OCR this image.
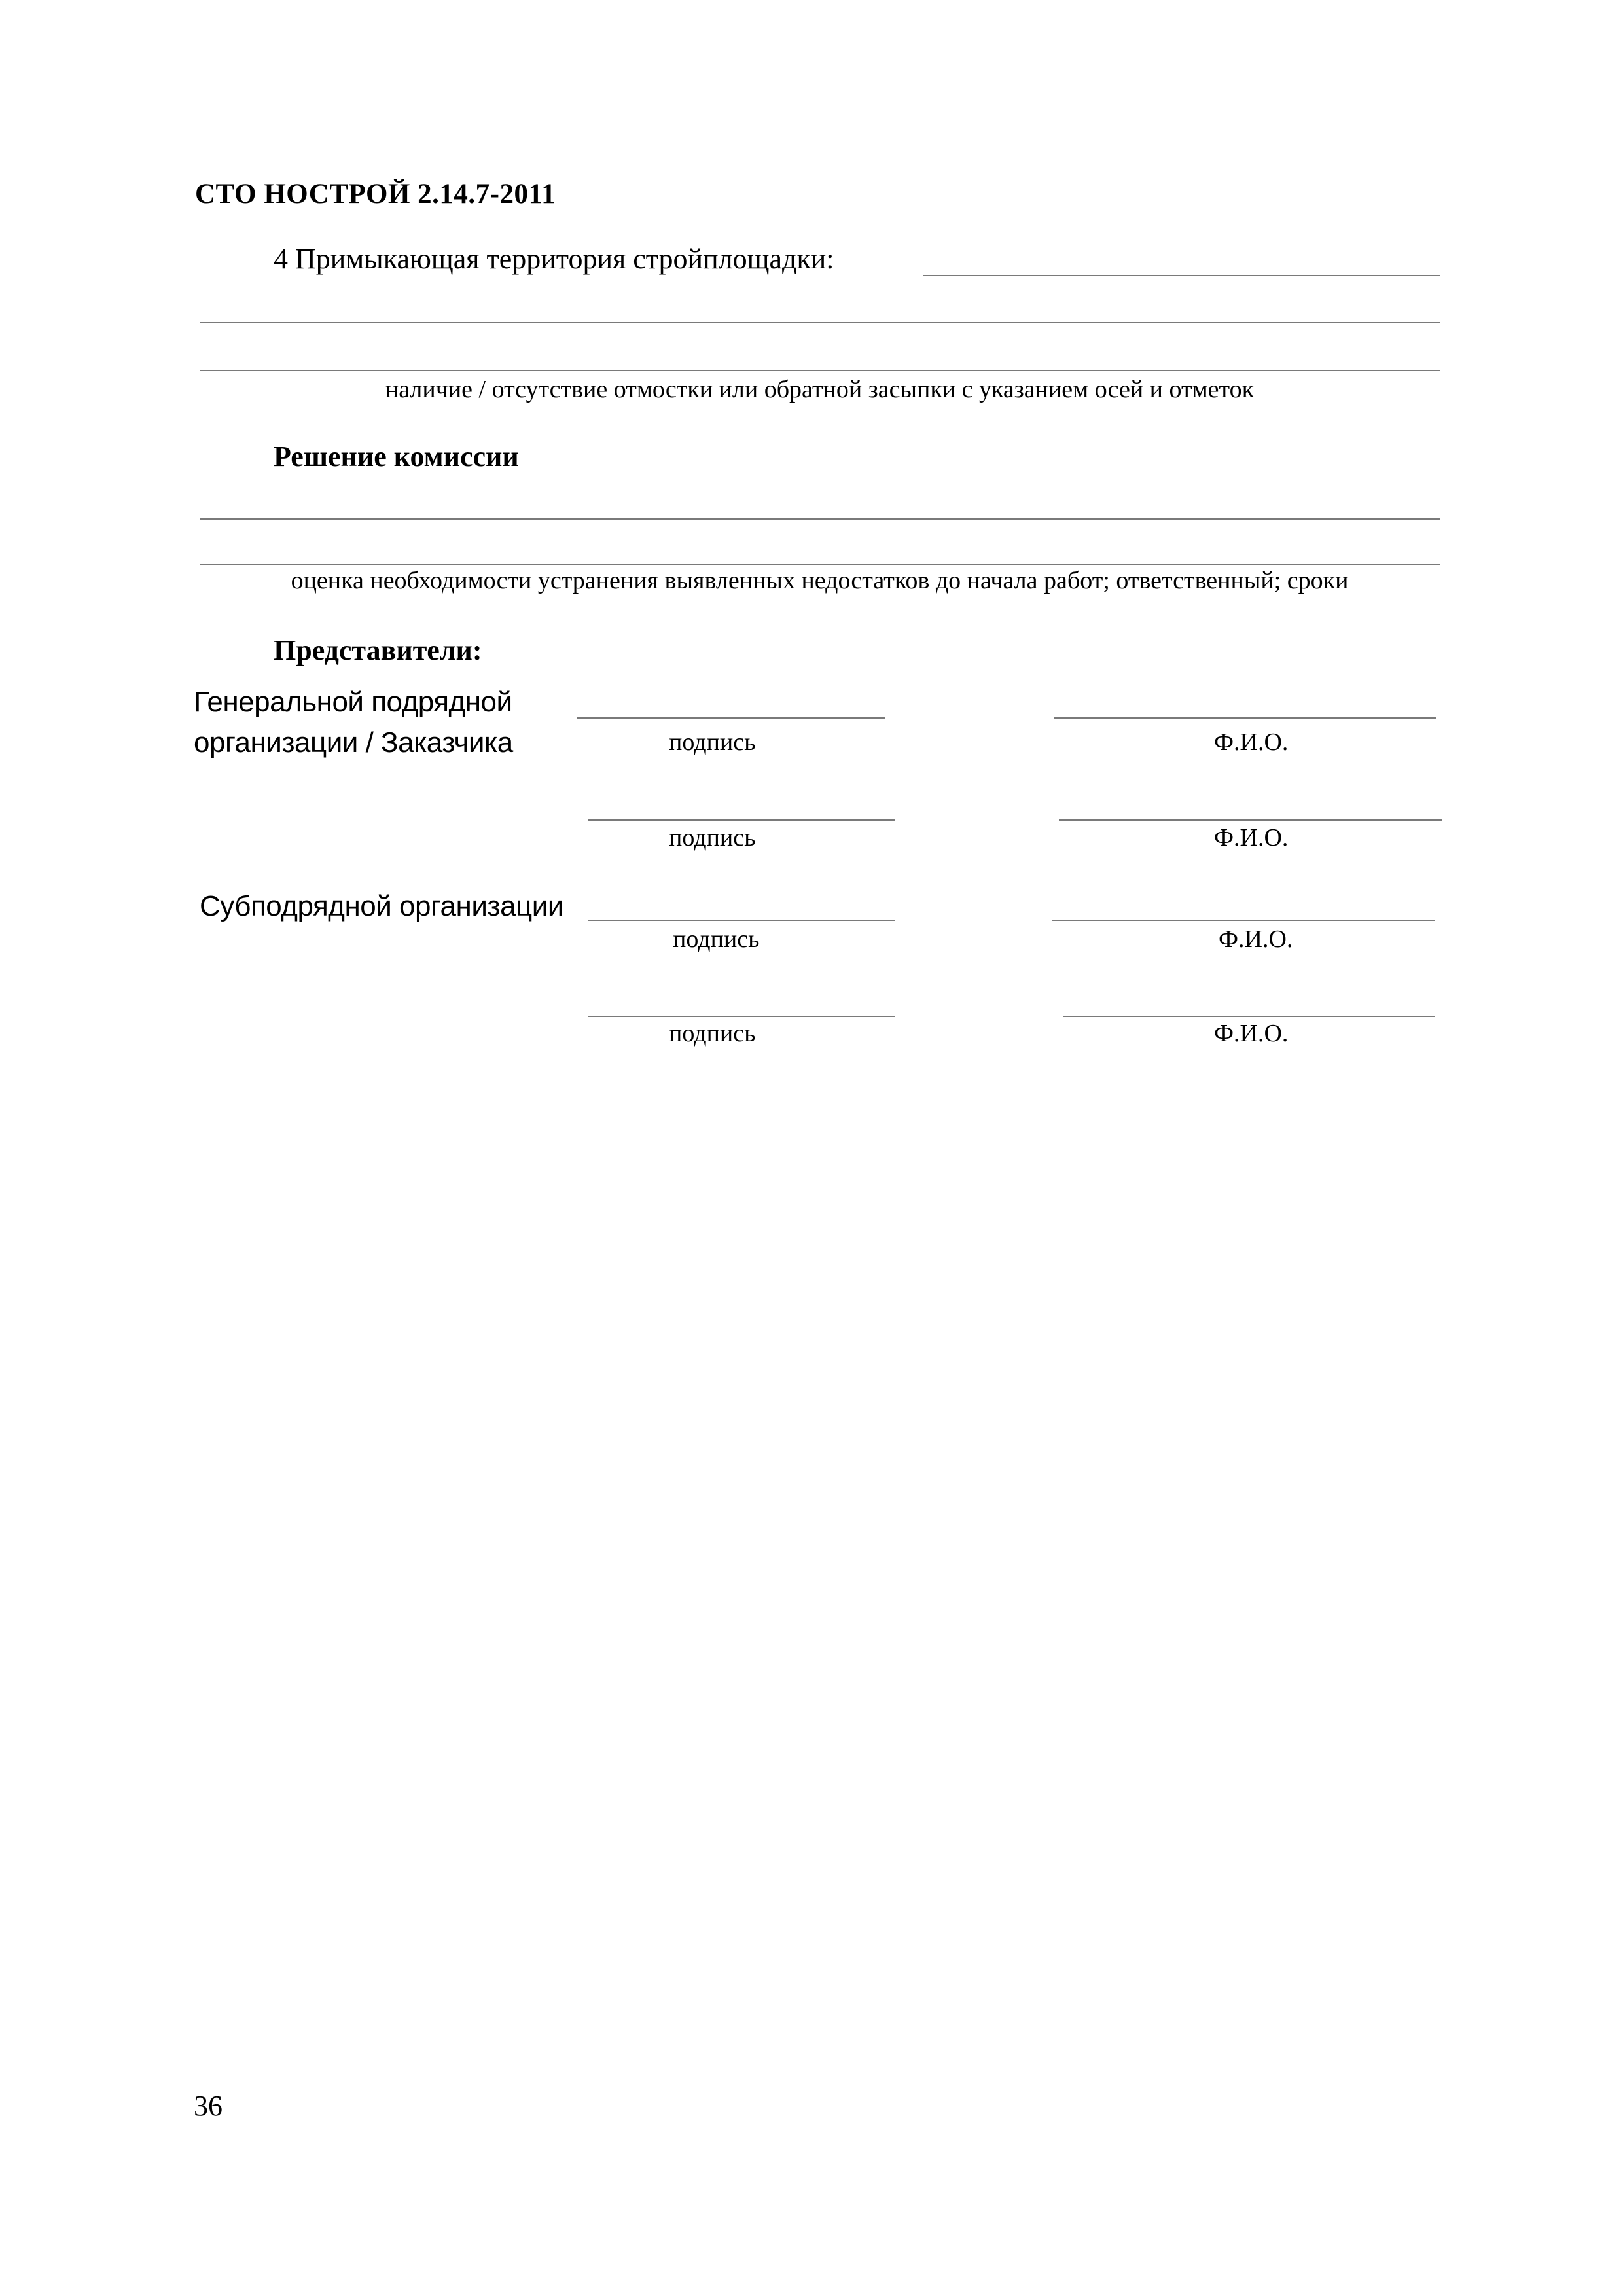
СТО НОСТРОЙ 2.14.7-2011
4 Примыкающая территория стройплощадки:
наличие / отсутствие отмостки или обратной засыпки с указанием осей и отметок
Решение комиссии
оценка необходимости устранения выявленных недостатков до начала работ; ответственный; сроки
Представители:
Генеральной подрядной
организации / Заказчика	подпись	Ф.И.О.
подпись	Ф.И.О.
Субподрядной организации
подпись	Ф.И.О.
подпись	Ф.И.О.
36
